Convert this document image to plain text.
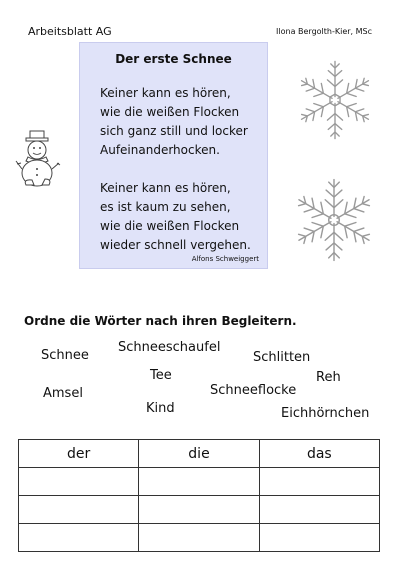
Arbeitsblatt AG	Ilona Bergolth-Kier, MSc
Der erste Schnee
Keiner kann es hören,
wie die weißen Flocken
sich ganz still und locker
Aufeinanderhocken.
Keiner kann es hören,
es ist kaum zu sehen,
wie die weißen Flocken
wieder schnell vergehen.
Alfons Schweiggert
Ordne die Wörter nach ihren Begleitern.
Schnee
Schneeschaufel
Schlitten
Tee	Reh
Amsel	Schneeflocke
Kind	Eichhörnchen
der	die	das
